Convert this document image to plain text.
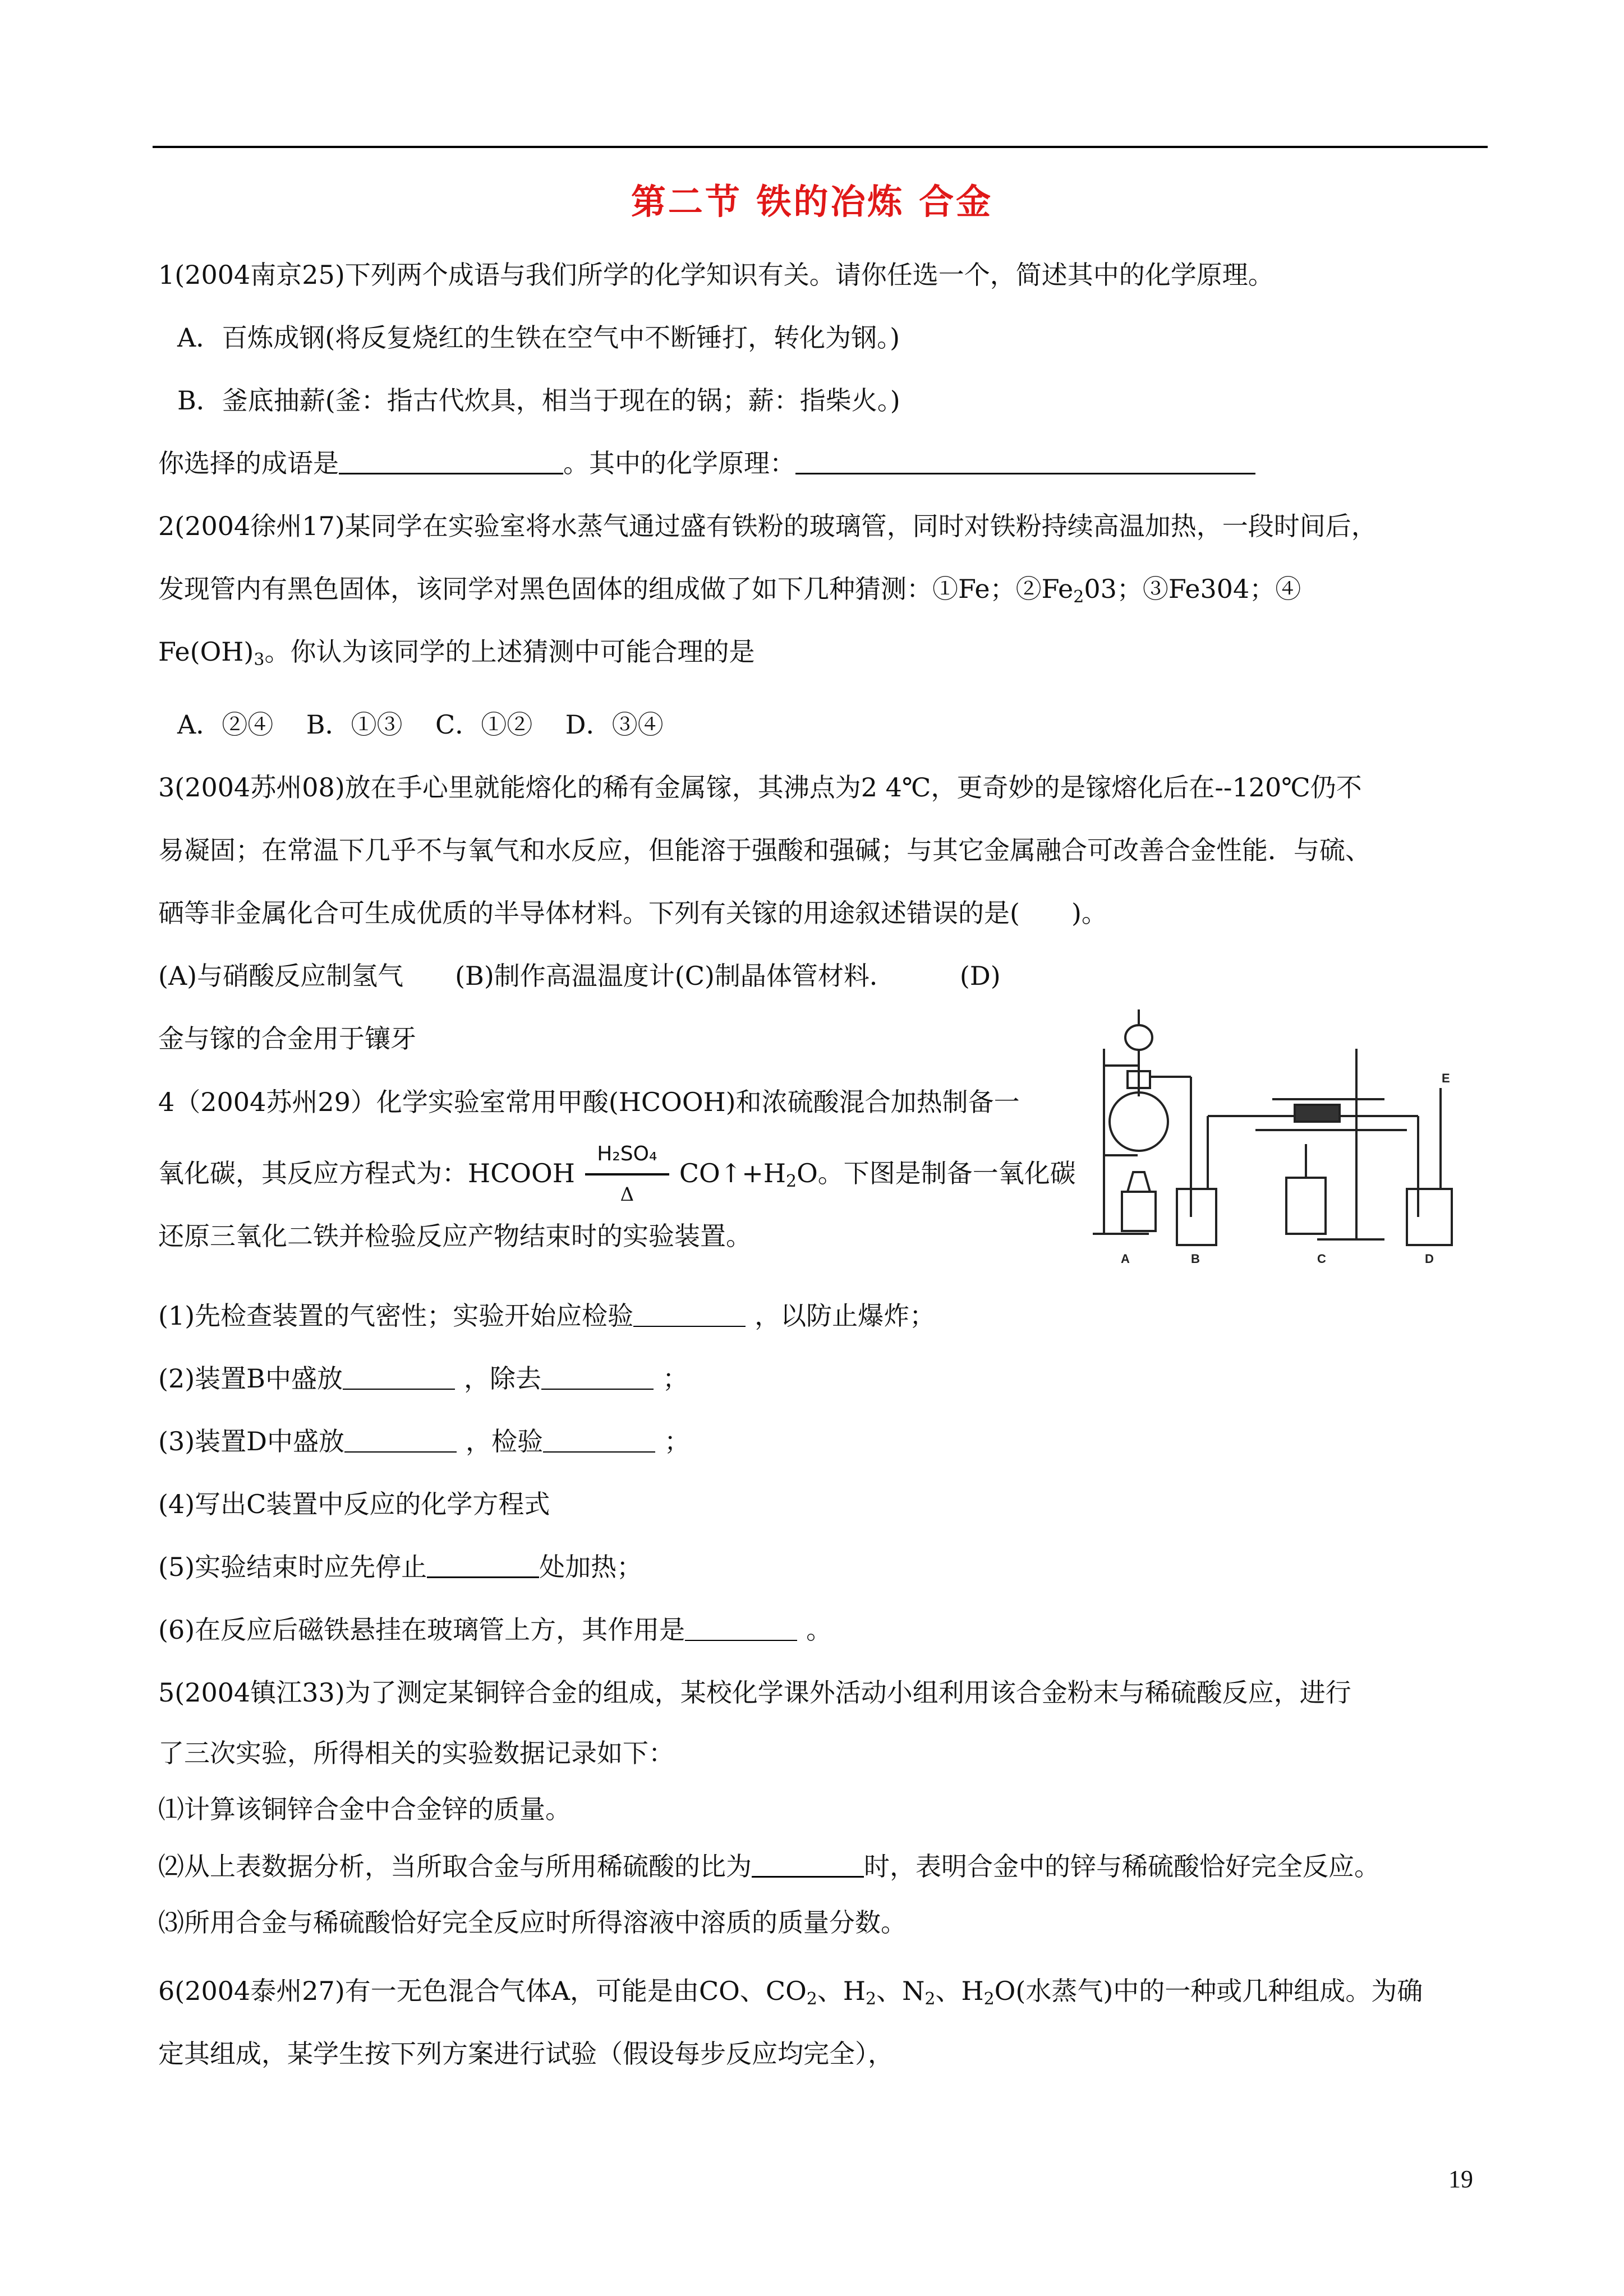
第二节 铁的冶炼 合金
1(2004南京25)下列两个成语与我们所学的化学知识有关。请你任选一个，简述其中的化学原理。
A．百炼成钢(将反复烧红的生铁在空气中不断锤打，转化为钢。)
B．釜底抽薪(釜：指古代炊具，相当于现在的锅；薪：指柴火。)
你选择的成语是	。其中的化学原理：
2(2004徐州17)某同学在实验室将水蒸气通过盛有铁粉的玻璃管，同时对铁粉持续高温加热，一段时间后，
发现管内有黑色固体，该同学对黑色固体的组成做了如下几种猜测：①Fe；$②Fe_203$；③Fe304；④
$Fe(OH)_3$。你认为该同学的上述猜测中可能合理的是
A．②④    B．①③    C．①②    D．③④
3(2004苏州08)放在手心里就能熔化的稀有金属镓，其沸点为2 4℃，更奇妙的是镓熔化后在--120℃仍不
易凝固；在常温下几乎不与氧气和水反应，但能溶于强酸和强碱；与其它金属融合可改善合金性能．与硫、
硒等非金属化合可生成优质的半导体材料。下列有关镓的用途叙述错误的是(　　)。
(A)与硝酸反应制氢气　　(B)制作高温温度计(C)制晶体管材料．　　　(D)
金与镓的合金用于镶牙
4（2004苏州29）化学实验室常用甲酸(HCOOH)和浓硫酸混合加热制备一
氧化碳，其反应方程式为：HCOOH $\frac{\text{H₂SO₄}}{\Delta}$ $CO↑+H_2O$。下图是制备一氧化碳
还原三氧化二铁并检验反应产物结束时的实验装置。
A	B	C	D
E
(1)先检查装置的气密性；实验开始应检验	，以防止爆炸；
(2)装置B中盛放	，除去	；
(3)装置D中盛放	，检验	；
(4)写出C装置中反应的化学方程式
(5)实验结束时应先停止	处加热；
(6)在反应后磁铁悬挂在玻璃管上方，其作用是	。
5(2004镇江33)为了测定某铜锌合金的组成，某校化学课外活动小组利用该合金粉末与稀硫酸反应，进行
了三次实验，所得相关的实验数据记录如下：
⑴计算该铜锌合金中合金锌的质量。
⑵从上表数据分析，当所取合金与所用稀硫酸的比为	时，表明合金中的锌与稀硫酸恰好完全反应。
⑶所用合金与稀硫酸恰好完全反应时所得溶液中溶质的质量分数。
6(2004泰州27)有一无色混合气体A，可能是由CO、$CO_2$、$H_2$、$N_2$、$H_2O$(水蒸气)中的一种或几种组成。为确
定其组成，某学生按下列方案进行试验（假设每步反应均完全），
19
